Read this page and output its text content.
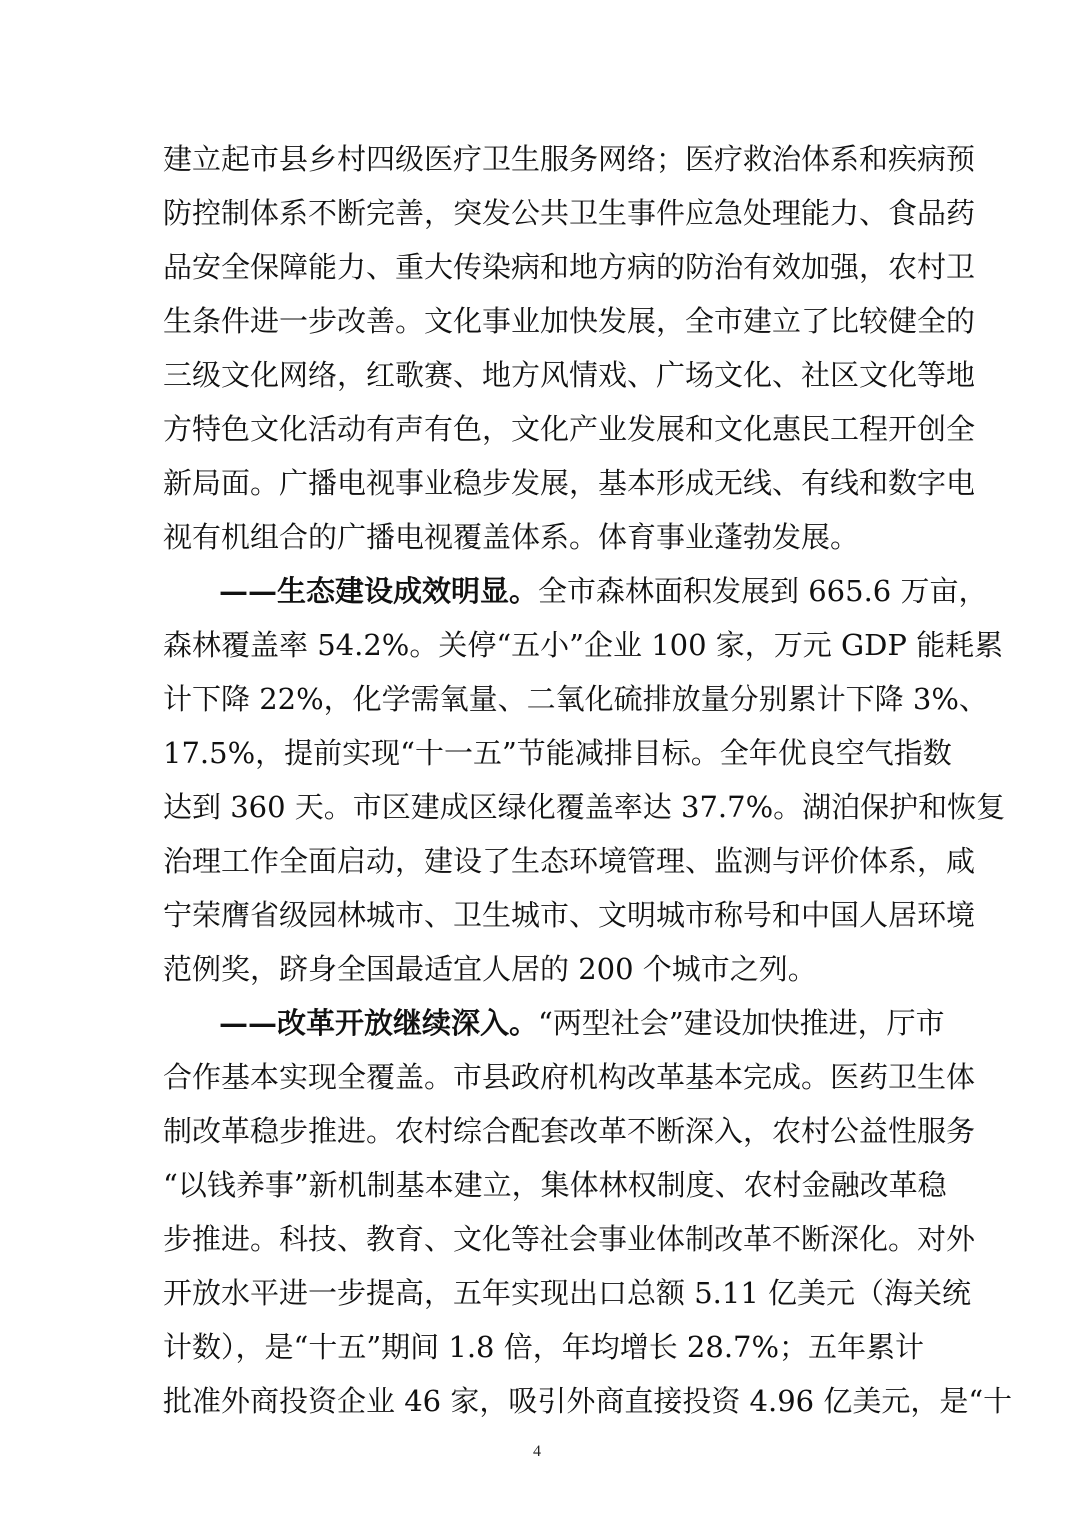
建立起市县乡村四级医疗卫生服务网络；医疗救治体系和疾病预
防控制体系不断完善，突发公共卫生事件应急处理能力、食品药
品安全保障能力、重大传染病和地方病的防治有效加强，农村卫
生条件进一步改善。文化事业加快发展，全市建立了比较健全的
三级文化网络，红歌赛、地方风情戏、广场文化、社区文化等地
方特色文化活动有声有色，文化产业发展和文化惠民工程开创全
新局面。广播电视事业稳步发展，基本形成无线、有线和数字电
视有机组合的广播电视覆盖体系。体育事业蓬勃发展。
——生态建设成效明显。全市森林面积发展到 665.6 万亩，
森林覆盖率 54.2%。关停“五小”企业 100 家，万元 GDP 能耗累
计下降 22%，化学需氧量、二氧化硫排放量分别累计下降 3%、
17.5%，提前实现“十一五”节能减排目标。全年优良空气指数
达到 360 天。市区建成区绿化覆盖率达 37.7%。湖泊保护和恢复
治理工作全面启动，建设了生态环境管理、监测与评价体系，咸
宁荣膺省级园林城市、卫生城市、文明城市称号和中国人居环境
范例奖，跻身全国最适宜人居的 200 个城市之列。
——改革开放继续深入。“两型社会”建设加快推进，厅市
合作基本实现全覆盖。市县政府机构改革基本完成。医药卫生体
制改革稳步推进。农村综合配套改革不断深入，农村公益性服务
“以钱养事”新机制基本建立，集体林权制度、农村金融改革稳
步推进。科技、教育、文化等社会事业体制改革不断深化。对外
开放水平进一步提高，五年实现出口总额 5.11 亿美元（海关统
计数），是“十五”期间 1.8 倍，年均增长 28.7%；五年累计
批准外商投资企业 46 家，吸引外商直接投资 4.96 亿美元，是“十
4
